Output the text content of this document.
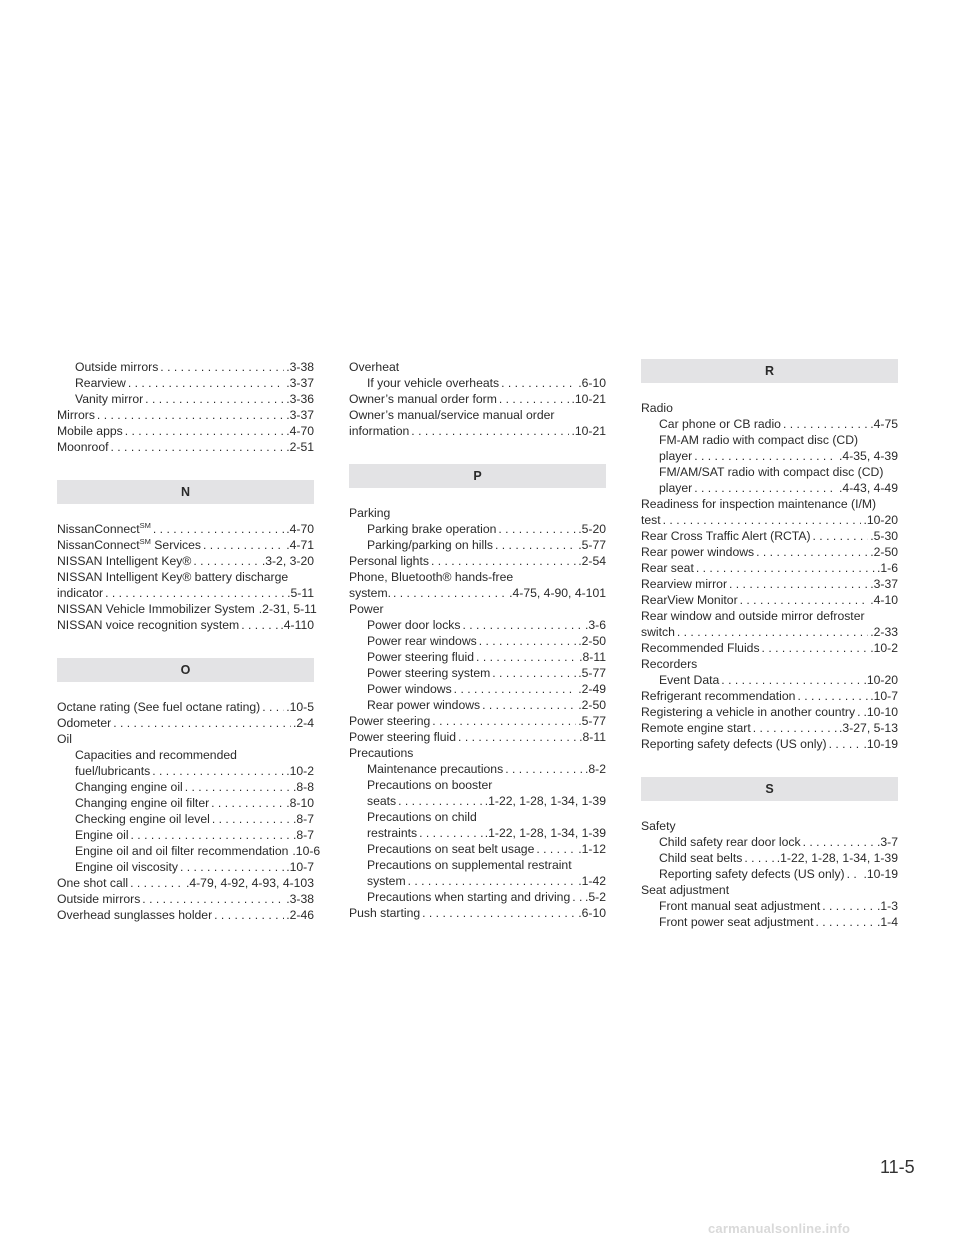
Outside mirrors . . .	.3-38
Rearview . . .	.3-37
Vanity mirror . . .	.3-36
Mirrors . . .	.3-37
Mobile apps . . .	.4-70
Moonroof . . .	.2-51
N
NissanConnect℠ . . .	.4-70
NissanConnect℠ Services . . .	.4-71
NISSAN Intelligent Key® . . .	.3-2, 3-20
NISSAN Intelligent Key® battery discharge
indicator . . .	.5-11
NISSAN Vehicle Immobilizer System .2-31, 5-11
NISSAN voice recognition system . . .	.4-110
O
Octane rating (See fuel octane rating) . . . .10-5
Odometer . . .	.2-4
Oil
Capacities and recommended
fuel/lubricants . . .	.10-2
Changing engine oil . . .	.8-8
Changing engine oil filter . . .	.8-10
Checking engine oil level . . .	.8-7
Engine oil . . .	.8-7
Engine oil and oil filter recommendation .10-6
Engine oil viscosity . . .	.10-7
One shot call . . .	.4-79, 4-92, 4-93, 4-103
Outside mirrors . . .	.3-38
Overhead sunglasses holder . . .	.2-46
Overheat
If your vehicle overheats . . .	.6-10
Owner’s manual order form . . .	.10-21
Owner’s manual/service manual order
information . . .	.10-21
P
Parking
Parking brake operation . . .	.5-20
Parking/parking on hills . . .	.5-77
Personal lights . . .	.2-54
Phone, Bluetooth® hands-free
system. . . .	.4-75, 4-90, 4-101
Power
Power door locks . . .	.3-6
Power rear windows . . .	.2-50
Power steering fluid . . .	.8-11
Power steering system . . .	.5-77
Power windows . . .	.2-49
Rear power windows . . .	.2-50
Power steering . . .	.5-77
Power steering fluid . . .	.8-11
Precautions
Maintenance precautions . . .	.8-2
Precautions on booster
seats . . .	.1-22, 1-28, 1-34, 1-39
Precautions on child
restraints . . .	.1-22, 1-28, 1-34, 1-39
Precautions on seat belt usage . . .	.1-12
Precautions on supplemental restraint
system . . .	.1-42
Precautions when starting and driving . . . .5-2
Push starting . . .	.6-10
R
Radio
Car phone or CB radio . . .	.4-75
FM-AM radio with compact disc (CD)
player . . .	.4-35, 4-39
FM/AM/SAT radio with compact disc (CD)
player . . .	.4-43, 4-49
Readiness for inspection maintenance (I/M)
test . . .	.10-20
Rear Cross Traffic Alert (RCTA) . . .	.5-30
Rear power windows . . .	.2-50
Rear seat . . .	.1-6
Rearview mirror . . .	.3-37
RearView Monitor . . .	.4-10
Rear window and outside mirror defroster
switch . . .	.2-33
Recommended Fluids . . .	.10-2
Recorders
Event Data . . .	.10-20
Refrigerant recommendation . . .	.10-7
Registering a vehicle in another country . . . .10-10
Remote engine start . . .	.3-27, 5-13
Reporting safety defects (US only) . . .	.10-19
S
Safety
Child safety rear door lock . . .	.3-7
Child seat belts . . .	.1-22, 1-28, 1-34, 1-39
Reporting safety defects (US only) . . . .10-19
Seat adjustment
Front manual seat adjustment . . .	.1-3
Front power seat adjustment . . .	.1-4
11-5
carmanualsonline.info
